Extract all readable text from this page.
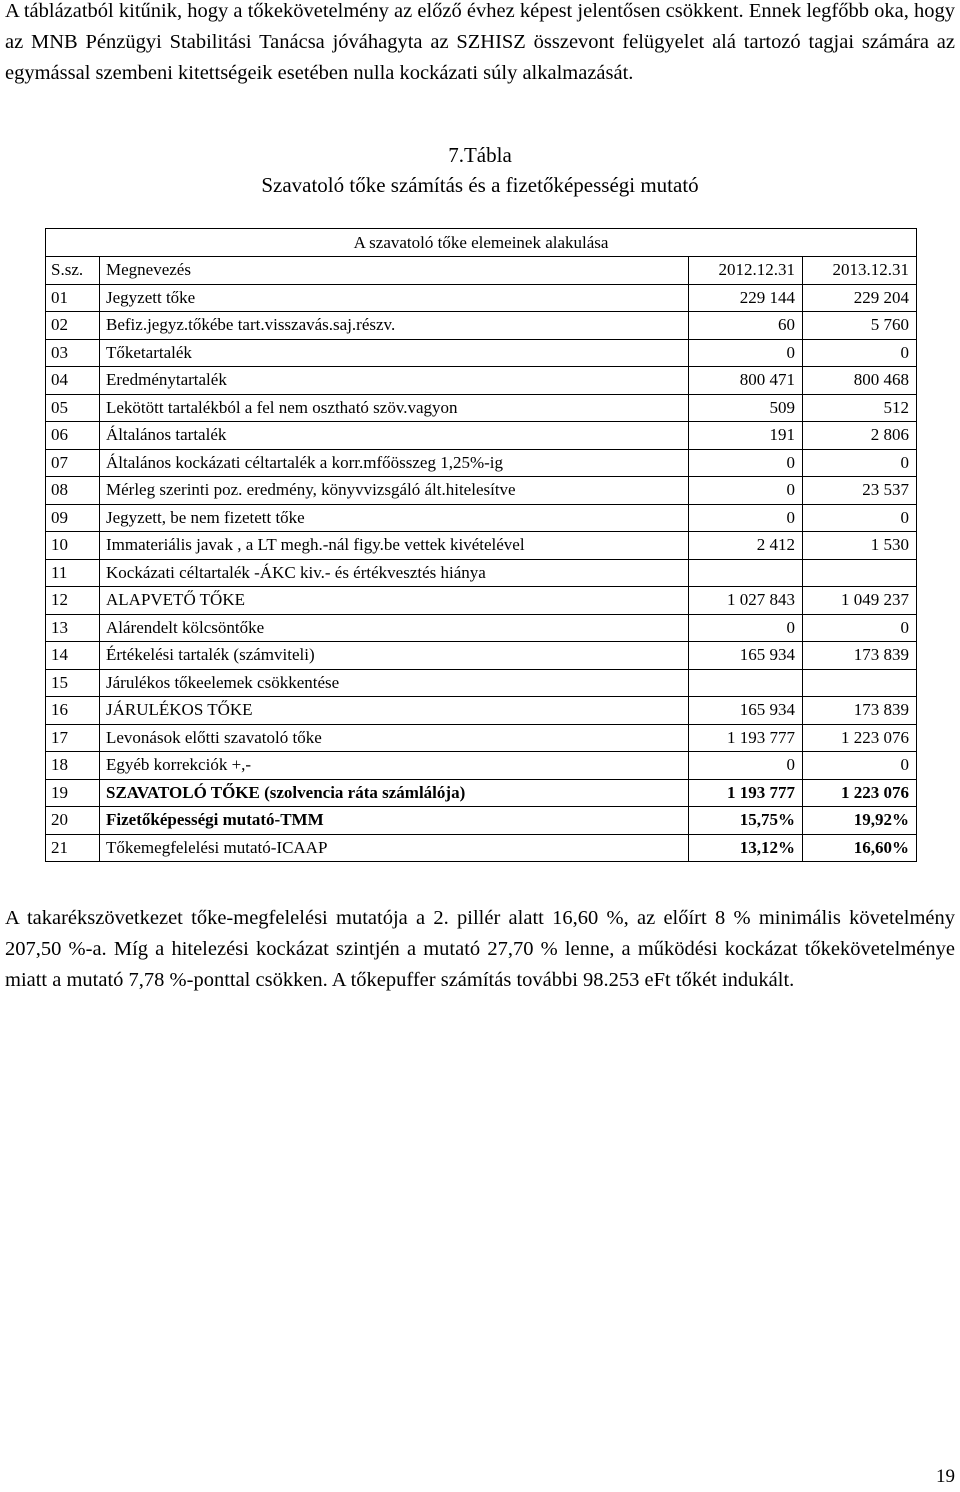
A táblázatból kitűnik, hogy a tőkekövetelmény az előző évhez képest jelentősen csökkent. Ennek legfőbb oka, hogy az MNB Pénzügyi Stabilitási Tanácsa jóváhagyta az SZHISZ összevont felügyelet alá tartozó tagjai számára az egymással szembeni kitettségeik esetében nulla kockázati súly alkalmazását.
7.Tábla
Szavatoló tőke számítás és a fizetőképességi mutató
A szavatoló tőke elemeinek alakulása			
S.sz.	Megnevezés	2012.12.31	2013.12.31
01	Jegyzett tőke	229 144	229 204
02	Befiz.jegyz.tőkébe tart.visszavás.saj.részv.	60	5 760
03	Tőketartalék	0	0
04	Eredménytartalék	800 471	800 468
05	Lekötött tartalékból a fel nem osztható szöv.vagyon	509	512
06	Általános tartalék	191	2 806
07	Általános kockázati céltartalék a korr.mfőösszeg 1,25%-ig	0	0
08	Mérleg szerinti poz. eredmény, könyvvizsgáló ált.hitelesítve	0	23 537
09	Jegyzett, be nem fizetett tőke	0	0
10	Immateriális javak , a LT megh.-nál figy.be vettek kivételével	2 412	1 530
11	Kockázati céltartalék -ÁKC kiv.- és értékvesztés hiánya		
12	ALAPVETŐ TŐKE	1 027 843	1 049 237
13	Alárendelt kölcsöntőke	0	0
14	Értékelési tartalék (számviteli)	165 934	173 839
15	Járulékos tőkeelemek csökkentése		
16	JÁRULÉKOS TŐKE	165 934	173 839
17	Levonások előtti szavatoló tőke	1 193 777	1 223 076
18	Egyéb korrekciók +,-	0	0
19	SZAVATOLÓ TŐKE (szolvencia ráta számlálója)	1 193 777	1 223 076
20	Fizetőképességi mutató-TMM	15,75%	19,92%
21	Tőkemegfelelési mutató-ICAAP	13,12%	16,60%
A takarékszövetkezet tőke-megfelelési mutatója a 2. pillér alatt 16,60 %, az előírt 8 % minimális követelmény 207,50 %-a. Míg a hitelezési kockázat szintjén a mutató 27,70 % lenne, a működési kockázat tőkekövetelménye miatt a mutató 7,78 %-ponttal csökken. A tőkepuffer számítás további 98.253 eFt tőkét indukált.
19
